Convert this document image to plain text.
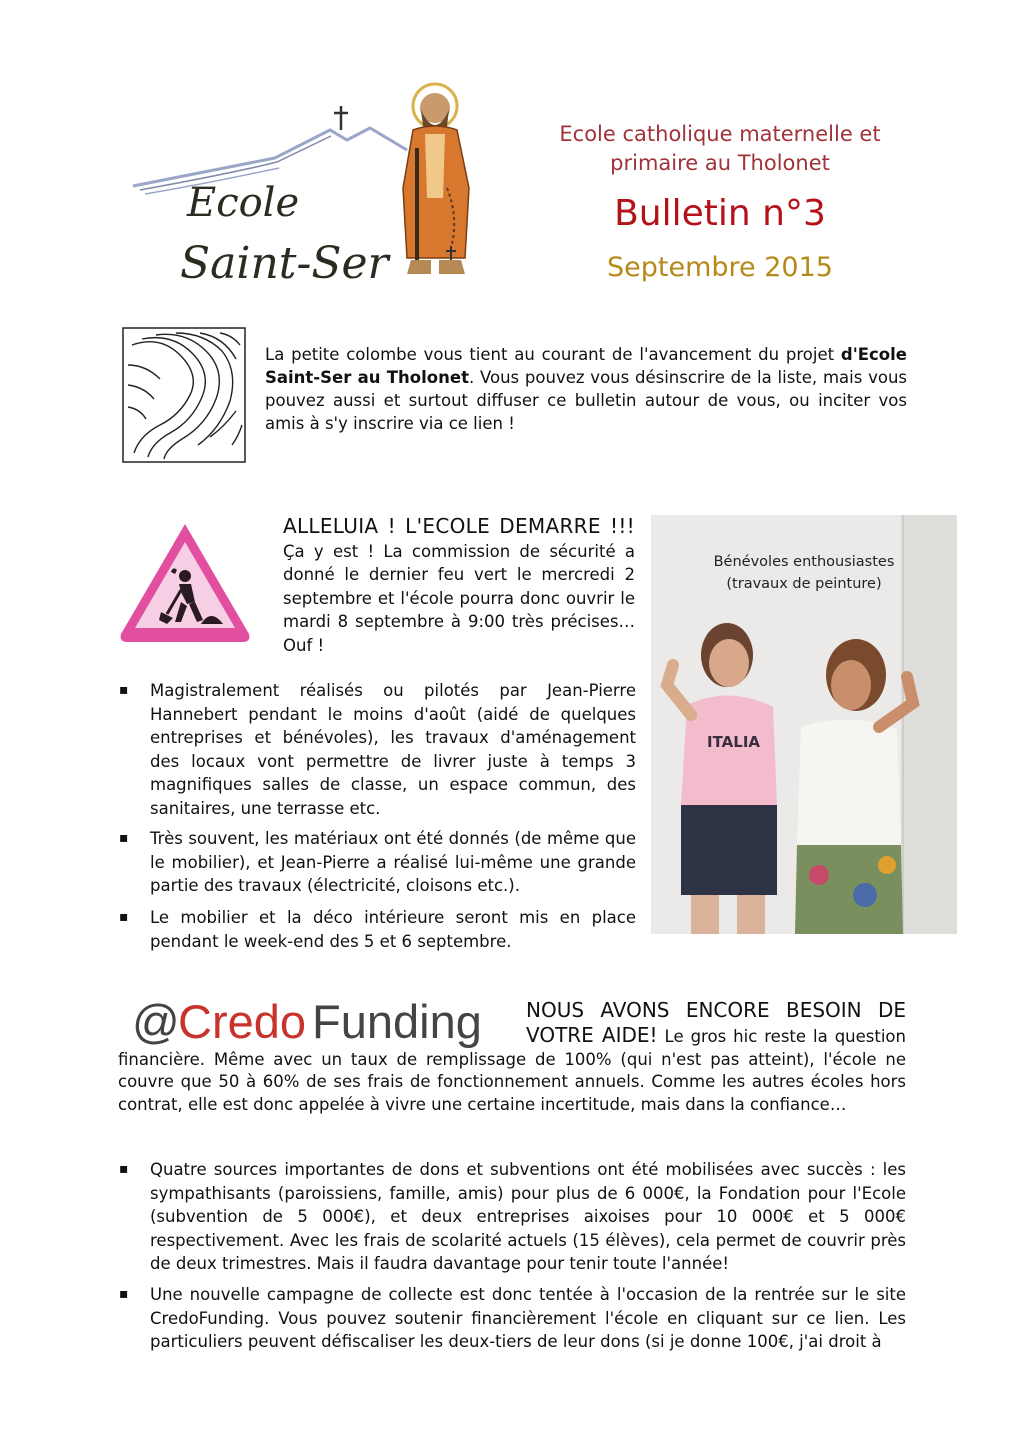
Ecole
Saint-Ser
Ecole catholique maternelle et
primaire au Tholonet
Bulletin n°3
Septembre 2015
La petite colombe vous tient au courant de l'avancement du projet d'Ecole Saint-Ser au Tholonet. Vous pouvez vous désinscrire de la liste, mais vous pouvez aussi et surtout diffuser ce bulletin autour de vous, ou inciter vos amis à s'y inscrire via ce lien !
ALLELUIA ! L'ECOLE DEMARRE !!! Ça y est ! La commission de sécurité a donné le dernier feu vert le mercredi 2 septembre et l'école pourra donc ouvrir le mardi 8 septembre à 9:00 très précises… Ouf !
▪ Magistralement réalisés ou pilotés par Jean-Pierre Hannebert pendant le moins d'août (aidé de quelques entreprises et bénévoles), les travaux d'aménagement des locaux vont permettre de livrer juste à temps 3 magnifiques salles de classe, un espace commun, des sanitaires, une terrasse etc.
▪ Très souvent, les matériaux ont été donnés (de même que le mobilier), et Jean-Pierre a réalisé lui-même une grande partie des travaux (électricité, cloisons etc.).
▪ Le mobilier et la déco intérieure seront mis en place pendant le week-end des 5 et 6 septembre.
ITALIA
Bénévoles enthousiastes
(travaux de peinture)
@
Credo Funding	NOUS AVONS ENCORE BESOIN DE VOTRE AIDE! Le gros hic reste la question financière. Même avec un taux de remplissage de 100% (qui n'est pas atteint), l'école ne couvre que 50 à 60% de ses frais de fonctionnement annuels. Comme les autres écoles hors contrat, elle est donc appelée à vivre une certaine incertitude, mais dans la confiance…
▪ Quatre sources importantes de dons et subventions ont été mobilisées avec succès : les sympathisants (paroissiens, famille, amis) pour plus de 6 000€, la Fondation pour l'Ecole (subvention de 5 000€), et deux entreprises aixoises pour 10 000€ et 5 000€ respectivement. Avec les frais de scolarité actuels (15 élèves), cela permet de couvrir près de deux trimestres. Mais il faudra davantage pour tenir toute l'année!
▪ Une nouvelle campagne de collecte est donc tentée à l'occasion de la rentrée sur le site CredoFunding. Vous pouvez soutenir financièrement l'école en cliquant sur ce lien. Les particuliers peuvent défiscaliser les deux-tiers de leur dons (si je donne 100€, j'ai droit à
